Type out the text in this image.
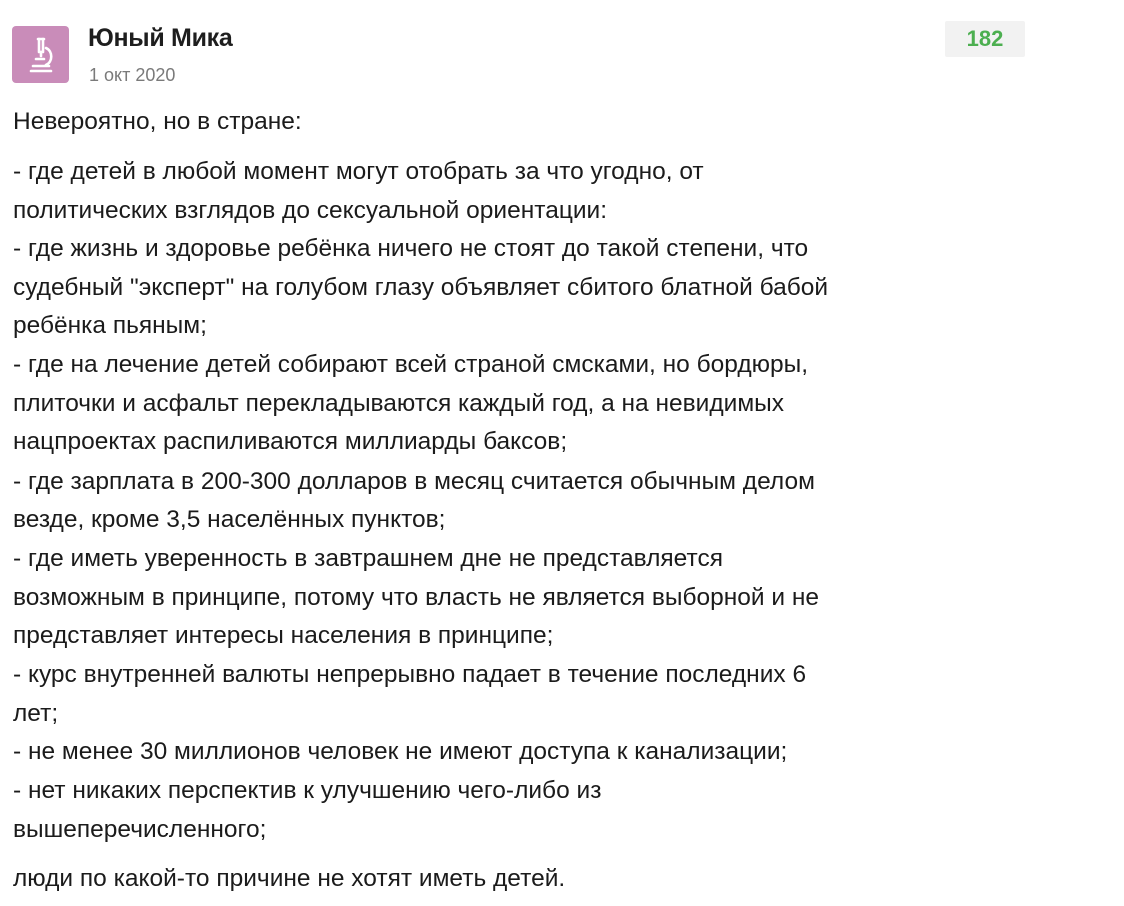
Юный Мика
1 окт 2020
182
Невероятно, но в стране:
- где детей в любой момент могут отобрать за что угодно, от
политических взглядов до сексуальной ориентации:
- где жизнь и здоровье ребёнка ничего не стоят до такой степени, что
судебный "эксперт" на голубом глазу объявляет сбитого блатной бабой
ребёнка пьяным;
- где на лечение детей собирают всей страной смсками, но бордюры,
плиточки и асфальт перекладываются каждый год, а на невидимых
нацпроектах распиливаются миллиарды баксов;
- где зарплата в 200-300 долларов в месяц считается обычным делом
везде, кроме 3,5 населённых пунктов;
- где иметь уверенность в завтрашнем дне не представляется
возможным в принципе, потому что власть не является выборной и не
представляет интересы населения в принципе;
- курс внутренней валюты непрерывно падает в течение последних 6
лет;
- не менее 30 миллионов человек не имеют доступа к канализации;
- нет никаких перспектив к улучшению чего-либо из
вышеперечисленного;
люди по какой-то причине не хотят иметь детей.
